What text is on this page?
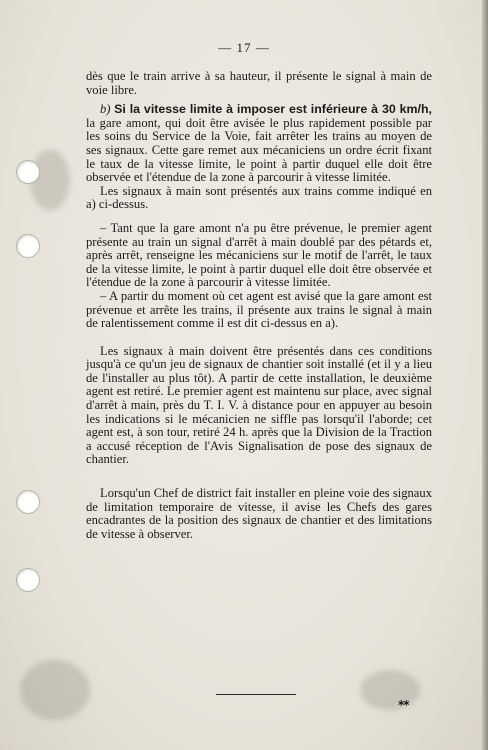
— 17 —

dès que le train arrive à sa hauteur, il présente le signal à main de voie libre.

b) Si la vitesse limite à imposer est inférieure à 30 km/h, la gare amont, qui doit être avisée le plus rapidement possible par les soins du Service de la Voie, fait arrêter les trains au moyen de ses signaux. Cette gare remet aux mécaniciens un ordre écrit fixant le taux de la vitesse limite, le point à partir duquel elle doit être observée et l'étendue de la zone à parcourir à vitesse limitée.

Les signaux à main sont présentés aux trains comme indiqué en a) ci-dessus.

– Tant que la gare amont n'a pu être prévenue, le premier agent présente au train un signal d'arrêt à main doublé par des pétards et, après arrêt, renseigne les mécaniciens sur le motif de l'arrêt, le taux de la vitesse limite, le point à partir duquel elle doit être observée et l'étendue de la zone à parcourir à vitesse limitée.

– A partir du moment où cet agent est avisé que la gare amont est prévenue et arrête les trains, il présente aux trains le signal à main de ralentissement comme il est dit ci-dessus en a).

Les signaux à main doivent être présentés dans ces conditions jusqu'à ce qu'un jeu de signaux de chantier soit installé (et il y a lieu de l'installer au plus tôt). A partir de cette installation, le deuxième agent est retiré. Le premier agent est maintenu sur place, avec signal d'arrêt à main, près du T. I. V. à distance pour en appuyer au besoin les indications si le mécanicien ne siffle pas lorsqu'il l'aborde; cet agent est, à son tour, retiré 24 h. après que la Division de la Traction a accusé réception de l'Avis Signalisation de pose des signaux de chantier.

Lorsqu'un Chef de district fait installer en pleine voie des signaux de limitation temporaire de vitesse, il avise les Chefs des gares encadrantes de la position des signaux de chantier et des limitations de vitesse à observer.

**
